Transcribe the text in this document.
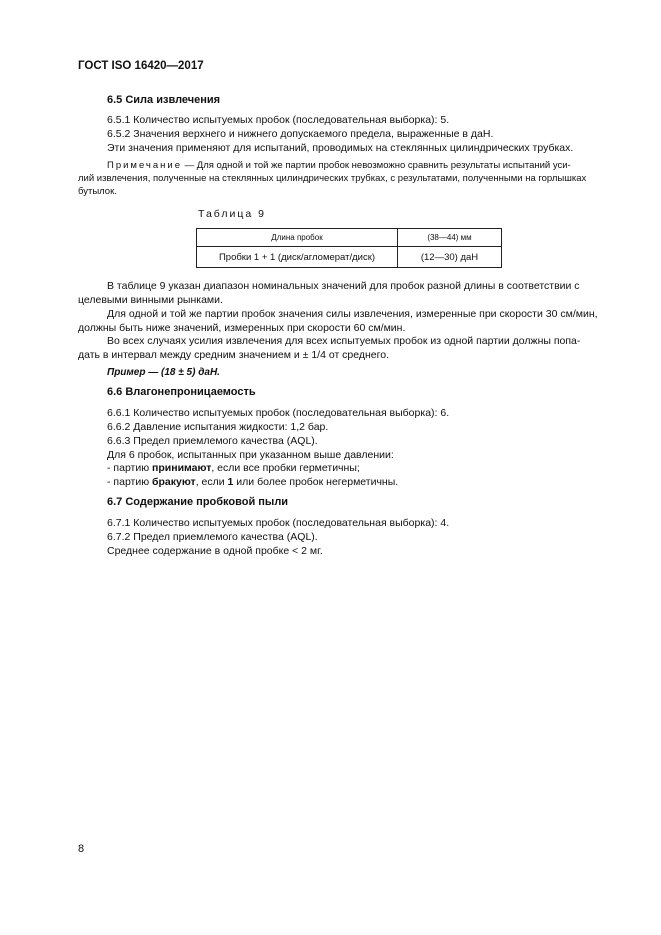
ГОСТ ISO 16420—2017
6.5 Сила извлечения
6.5.1 Количество испытуемых пробок (последовательная выборка): 5.
6.5.2 Значения верхнего и нижнего допускаемого предела, выраженные в даН.
Эти значения применяют для испытаний, проводимых на стеклянных цилиндрических трубках.
Примечание — Для одной и той же партии пробок невозможно сравнить результаты испытаний уси-
лий извлечения, полученные на стеклянных цилиндрических трубках, с результатами, полученными на горлышках
бутылок.
Таблица 9
Длина пробок	(38—44) мм
Пробки 1 + 1 (диск/агломерат/диск)	(12—30) даН
В таблице 9 указан диапазон номинальных значений для пробок разной длины в соответствии с
целевыми винными рынками.
Для одной и той же партии пробок значения силы извлечения, измеренные при скорости 30 см/мин,
должны быть ниже значений, измеренных при скорости 60 см/мин.
Во всех случаях усилия извлечения для всех испытуемых пробок из одной партии должны попа-
дать в интервал между средним значением и ± 1/4 от среднего.
Пример — (18 ± 5) даН.
6.6 Влагонепроницаемость
6.6.1 Количество испытуемых пробок (последовательная выборка): 6.
6.6.2 Давление испытания жидкости: 1,2 бар.
6.6.3 Предел приемлемого качества (AQL).
Для 6 пробок, испытанных при указанном выше давлении:
- партию принимают, если все пробки герметичны;
- партию бракуют, если 1 или более пробок негерметичны.
6.7 Содержание пробковой пыли
6.7.1 Количество испытуемых пробок (последовательная выборка): 4.
6.7.2 Предел приемлемого качества (AQL).
Среднее содержание в одной пробке < 2 мг.
8
